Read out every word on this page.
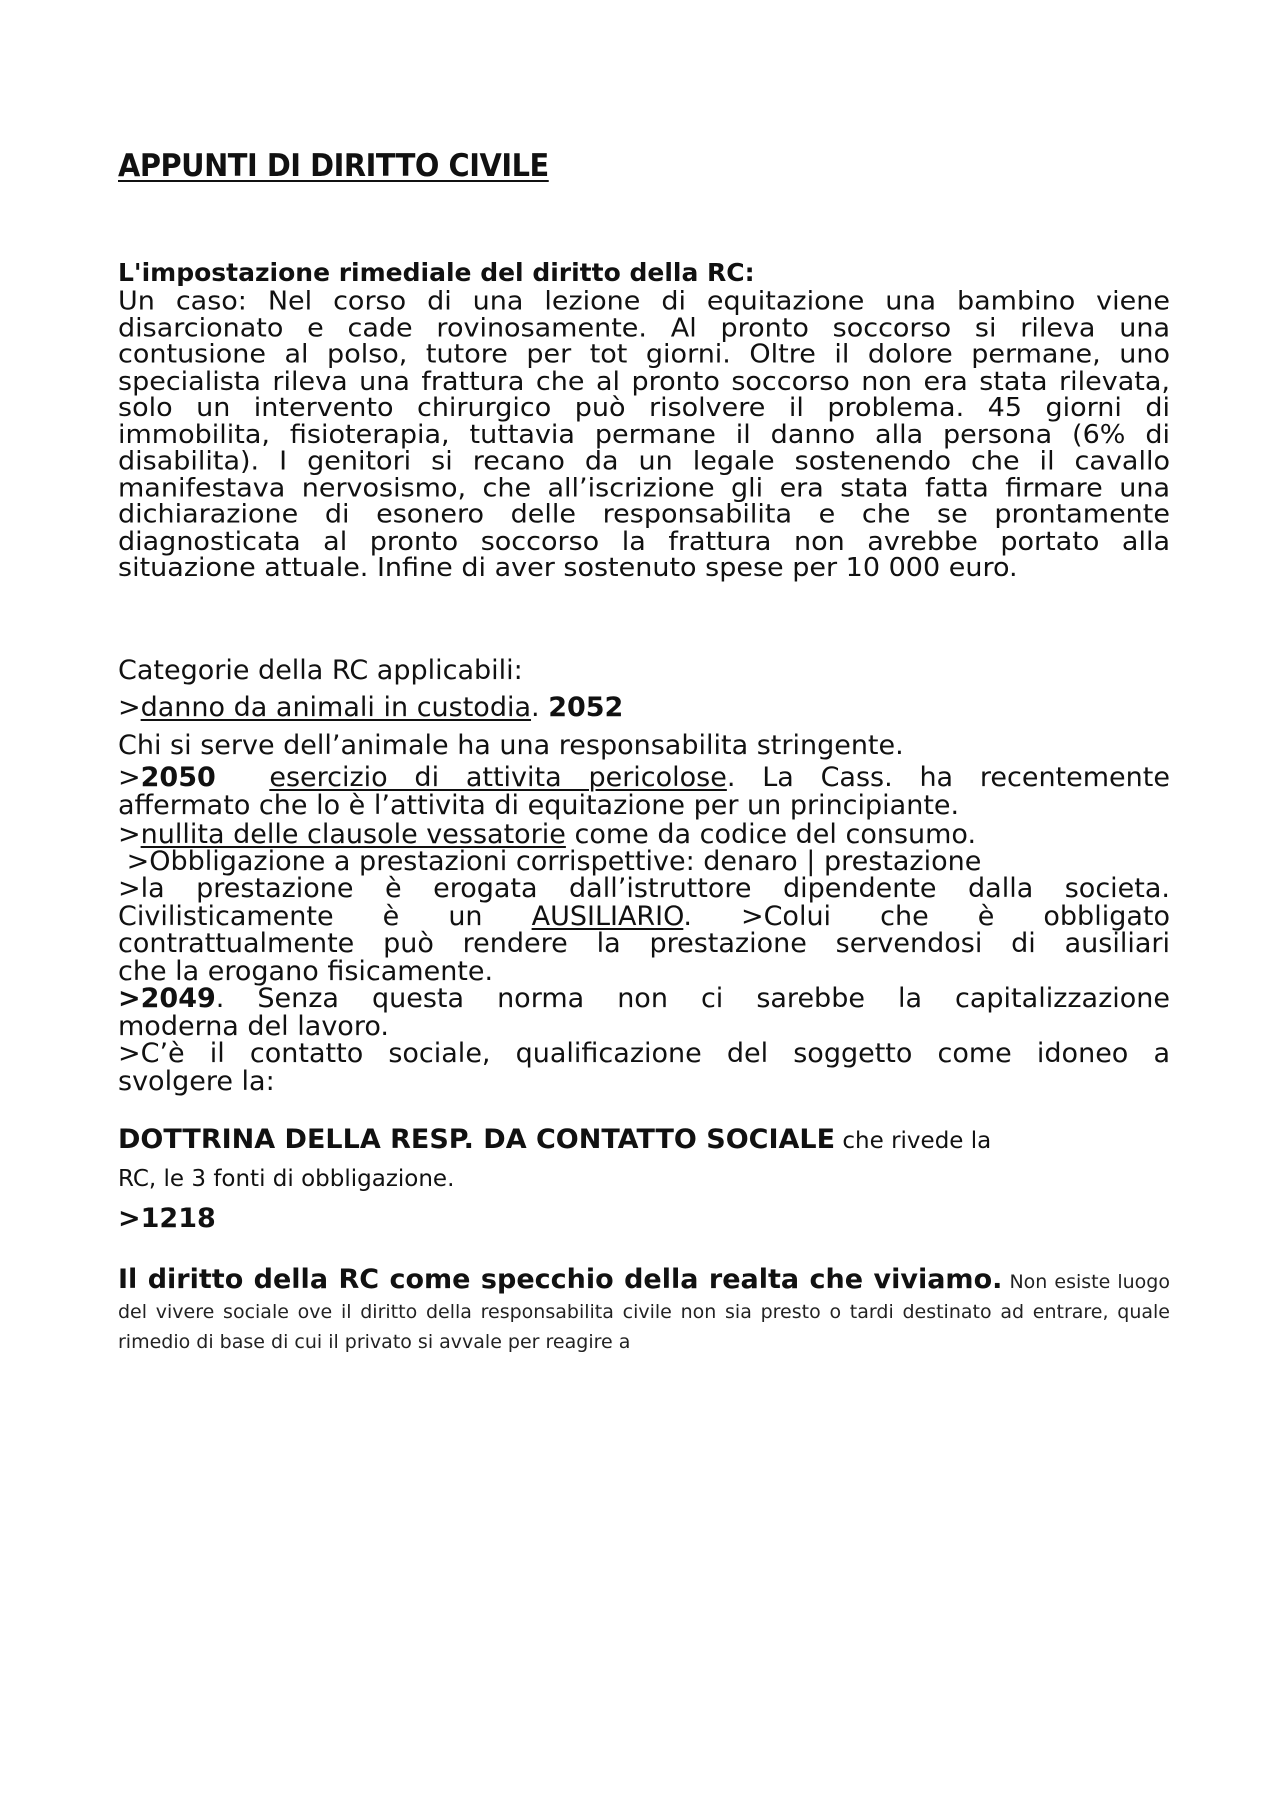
APPUNTI DI DIRITTO CIVILE
L'impostazione rimediale del diritto della RC:
Un caso: Nel corso di una lezione di equitazione una bambino viene disarcionato e cade rovinosamente. Al pronto soccorso si rileva una contusione al polso, tutore per tot giorni. Oltre il dolore permane, uno specialista rileva una frattura che al pronto soccorso non era stata rilevata, solo un intervento chirurgico può risolvere il problema. 45 giorni di immobilita, fisioterapia, tuttavia permane il danno alla persona (6% di disabilita). I genitori si recano da un legale sostenendo che il cavallo manifestava nervosismo, che all’iscrizione gli era stata fatta firmare una dichiarazione di esonero delle responsabilita e che se prontamente diagnosticata al pronto soccorso la frattura non avrebbe portato alla situazione attuale. Infine di aver sostenuto spese per 10 000 euro.
Categorie della RC applicabili:
>danno da animali in custodia. 2052
Chi si serve dell’animale ha una responsabilita stringente.
>2050 esercizio di attivita pericolose. La Cass. ha recentemente
affermato che lo è l’attivita di equitazione per un principiante.
>nullita delle clausole vessatorie come da codice del consumo.
>Obbligazione a prestazioni corrispettive: denaro | prestazione
>la prestazione è erogata dall’istruttore dipendente dalla societa.
Civilisticamente è un AUSILIARIO. >Colui che è obbligato
contrattualmente può rendere la prestazione servendosi di ausiliari
che la erogano fisicamente.
>2049. Senza questa norma non ci sarebbe la capitalizzazione
moderna del lavoro.
>C’è il contatto sociale, qualificazione del soggetto come idoneo a
svolgere la:
DOTTRINA DELLA RESP. DA CONTATTO SOCIALE che rivede la
RC, le 3 fonti di obbligazione.
>1218
Il diritto della RC come specchio della realta che viviamo. Non esiste luogo del vivere sociale ove il diritto della responsabilita civile non sia presto o tardi destinato ad entrare, quale rimedio di base di cui il privato si avvale per reagire a
